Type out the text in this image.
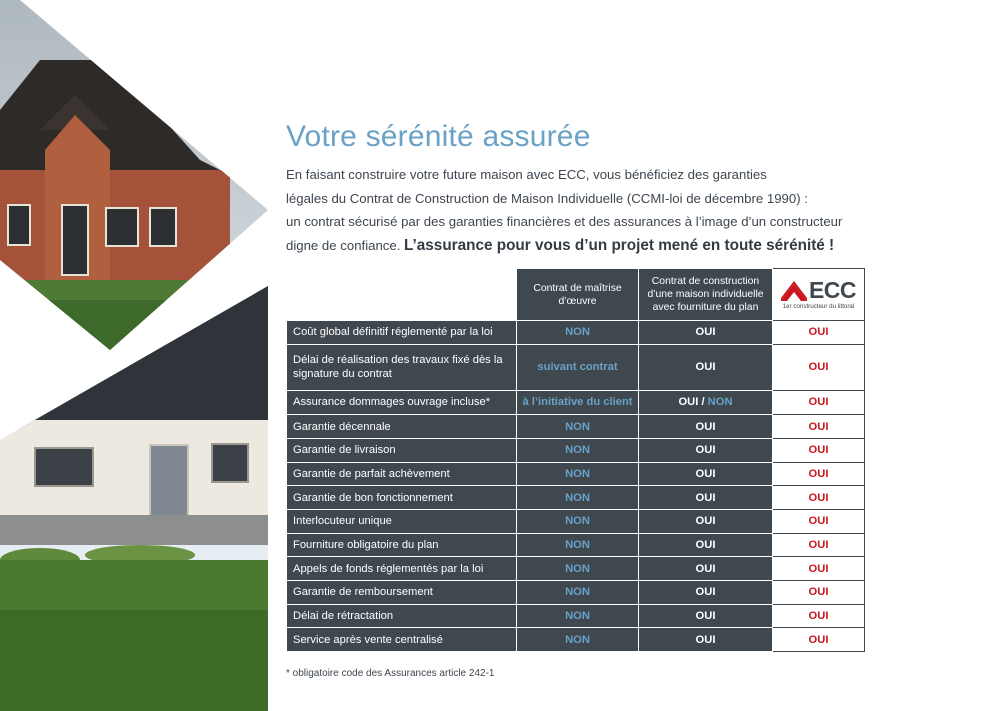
Votre sérénité assurée
En faisant construire votre future maison avec ECC, vous bénéficiez des garanties
légales du Contrat de Construction de Maison Individuelle (CCMI-loi de décembre 1990) :
un contrat sécurisé par des garanties financières et des assurances à l’image d’un constructeur
digne de confiance. L’assurance pour vous d’un projet mené en toute sérénité !
	Contrat de maîtrise d’œuvre	Contrat de construction d’une maison individuelle avec fourniture du plan	ECC
1er constructeur du littoral

Coût global définitif réglementé par la loi	NON	OUI	OUI
Délai de réalisation des travaux fixé dès la signature du contrat	suivant contrat	OUI	OUI
Assurance dommages ouvrage incluse*	à l’initiative du client	OUI / NON	OUI
Garantie décennale	NON	OUI	OUI
Garantie de livraison	NON	OUI	OUI
Garantie de parfait achèvement	NON	OUI	OUI
Garantie de bon fonctionnement	NON	OUI	OUI
Interlocuteur unique	NON	OUI	OUI
Fourniture obligatoire du plan	NON	OUI	OUI
Appels de fonds réglementés par la loi	NON	OUI	OUI
Garantie de remboursement	NON	OUI	OUI
Délai de rétractation	NON	OUI	OUI
Service après vente centralisé	NON	OUI	OUI
* obligatoire code des Assurances article 242-1
